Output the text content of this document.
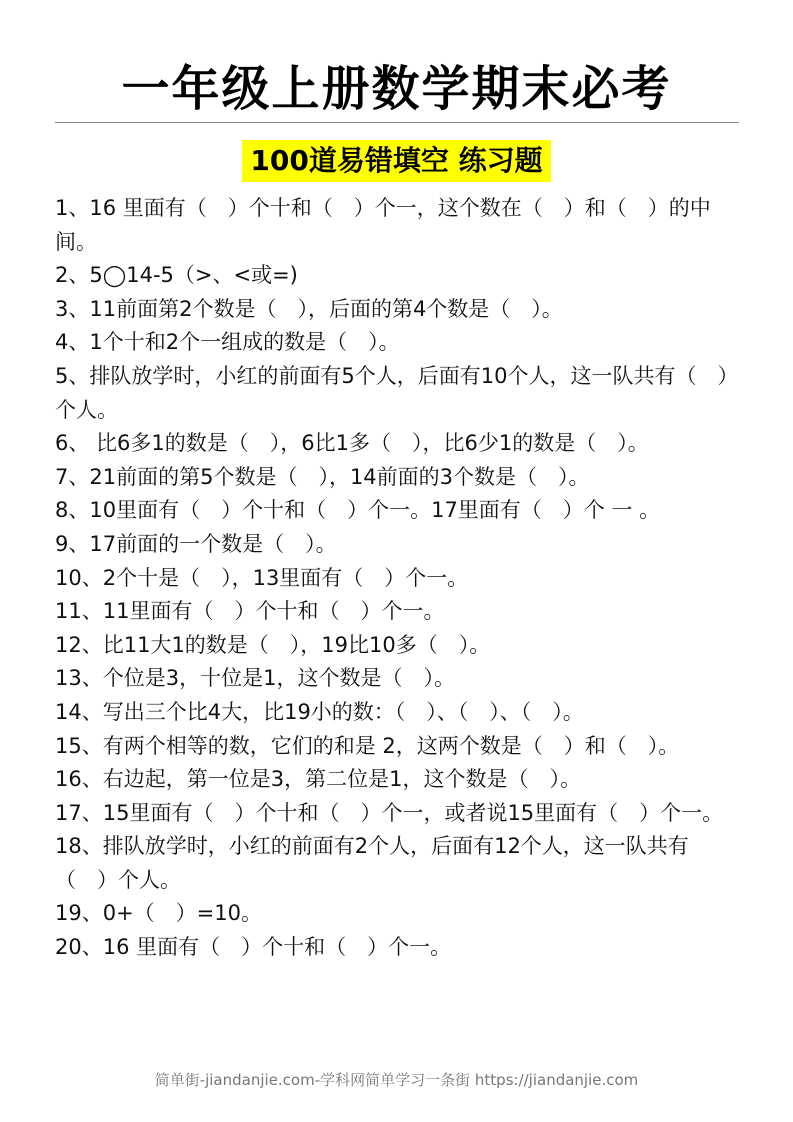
一年级上册数学期末必考
100道易错填空 练习题
1、16 里面有（　）个十和（　）个一，这个数在（　）和（　）的中间。
2、5◯14-5（>、<或=)
3、11前面第2个数是（　），后面的第4个数是（　）。
4、1个十和2个一组成的数是（　）。
5、排队放学时，小红的前面有5个人，后面有10个人，这一队共有（　）个人。
6、 比6多1的数是（　），6比1多（　），比6少1的数是（　）。
7、21前面的第5个数是（　），14前面的3个数是（　）。
8、10里面有（　）个十和（　）个一。17里面有（　）个 一 。
9、17前面的一个数是（　）。
10、2个十是（　），13里面有（　）个一。
11、11里面有（　）个十和（　）个一。
12、比11大1的数是（　），19比10多（　）。
13、个位是3，十位是1，这个数是（　）。
14、写出三个比4大，比19小的数：（　）、（　）、（　）。
15、有两个相等的数，它们的和是 2，这两个数是（　）和（　）。
16、右边起，第一位是3，第二位是1，这个数是（　）。
17、15里面有（　）个十和（　）个一，或者说15里面有（　）个一。
18、排队放学时，小红的前面有2个人，后面有12个人，这一队共有（　）个人。
19、0+（　）=10。
20、16 里面有（　）个十和（　）个一。
简单街-jiandanjie.com-学科网简单学习一条街 https://jiandanjie.com
